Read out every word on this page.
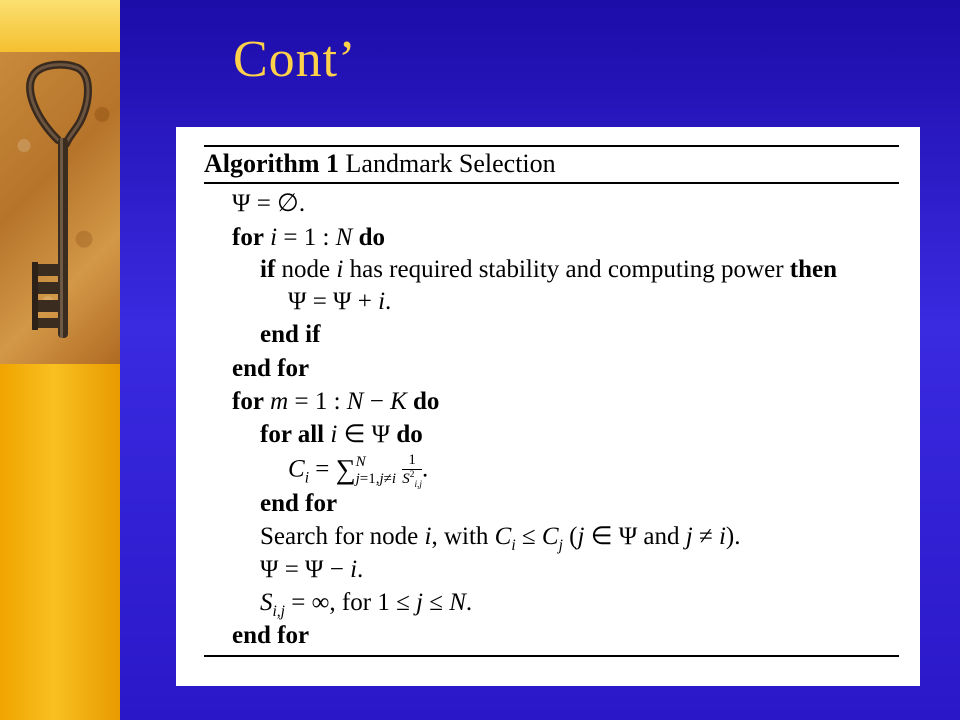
Cont’
Algorithm 1 Landmark Selection
Ψ = ∅.
for i = 1 : N do
if node i has required stability and computing power then
Ψ = Ψ + i.
end if
end for
for m = 1 : N − K do
for all i ∈ Ψ do
$C_i$ = ∑ N
j=1,j≠i
$\frac{1}{S^2_{i,j}}$ .
end for
Search for node i, with $C_i \le C_j$ (j ∈ Ψ and j ≠ i).
Ψ = Ψ − i.
$S_{i,j}$ = ∞, for 1 ≤ j ≤ N.
end for
